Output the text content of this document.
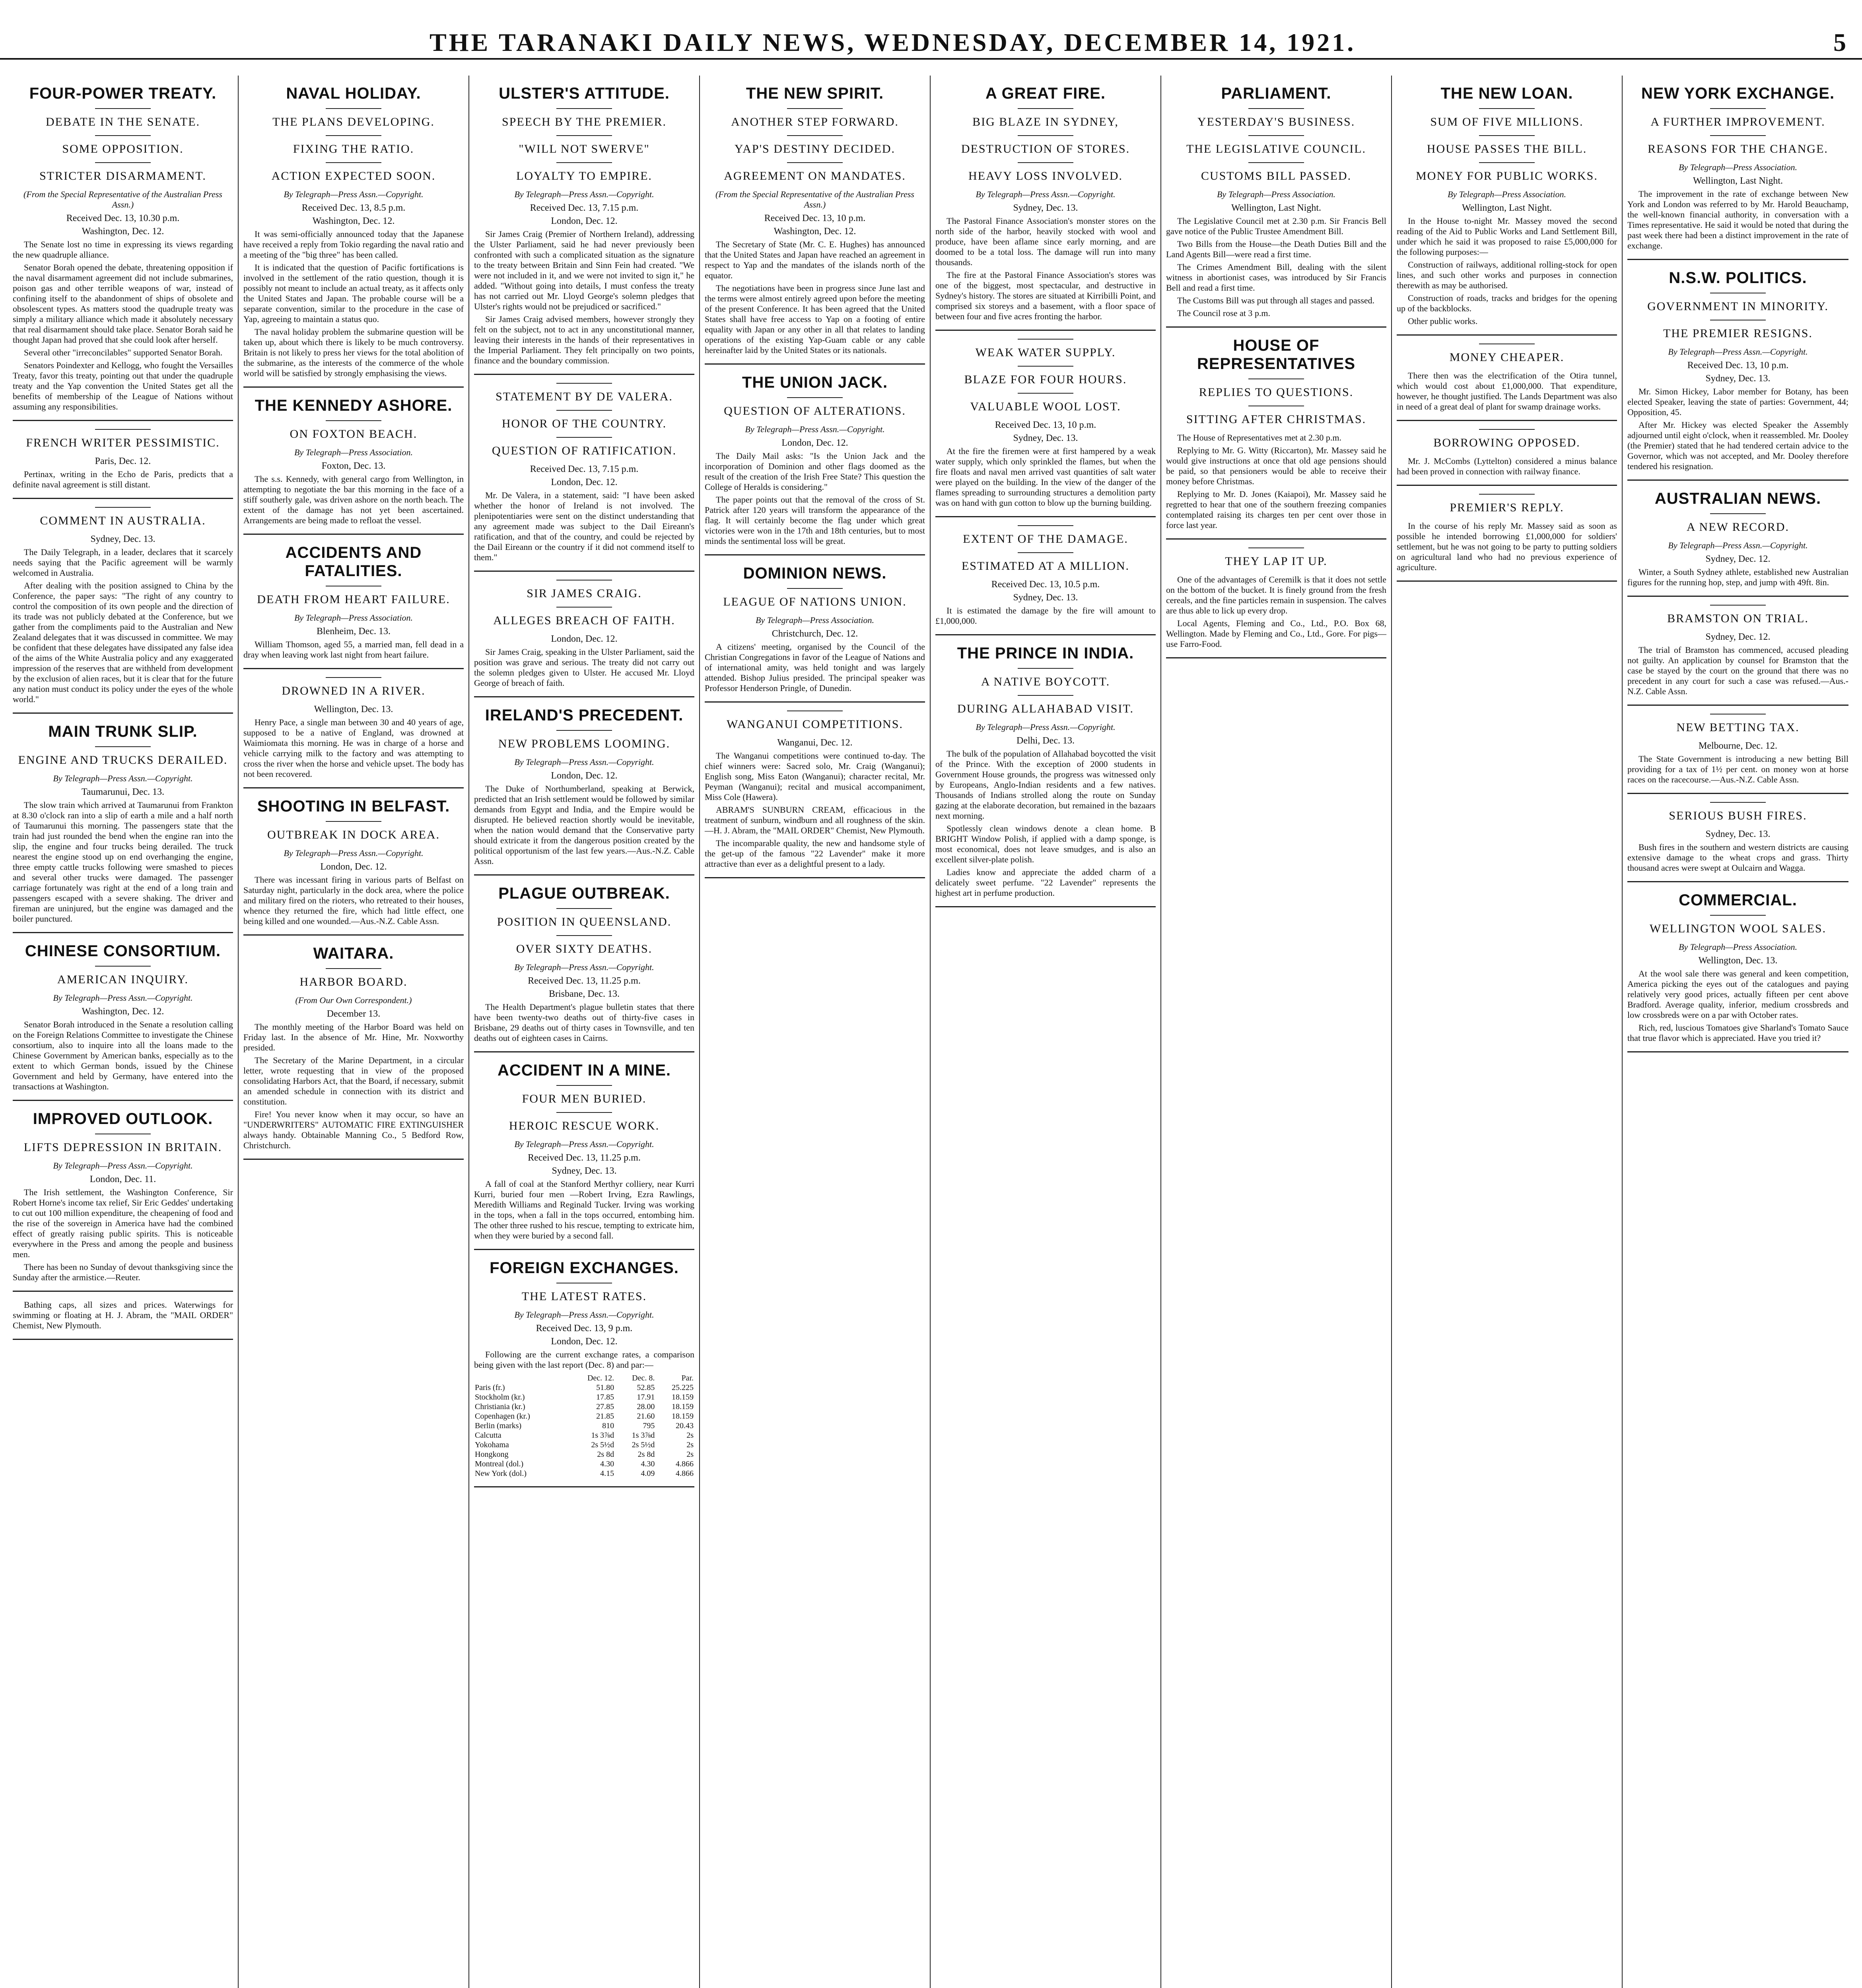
THE TARANAKI DAILY NEWS, WEDNESDAY, DECEMBER 14, 1921.	5
FOUR-POWER TREATY.
DEBATE IN THE SENATE.
SOME OPPOSITION.
STRICTER DISARMAMENT.
(From the Special Representative of the Australian Press Assn.)
Received Dec. 13, 10.30 p.m.
Washington, Dec. 12.

The Senate lost no time in expressing its views regarding the new quadruple alliance.

Senator Borah opened the debate, threatening opposition if the naval disarmament agreement did not include submarines, poison gas and other terrible weapons of war, instead of confining itself to the abandonment of ships of obsolete and obsolescent types. As matters stood the quadruple treaty was simply a military alliance which made it absolutely necessary that real disarmament should take place. Senator Borah said he thought Japan had proved that she could look after herself.

Several other "irreconcilables" supported Senator Borah.

Senators Poindexter and Kellogg, who fought the Versailles Treaty, favor this treaty, pointing out that under the quadruple treaty and the Yap convention the United States get all the benefits of membership of the League of Nations without assuming any responsibilities.

FRENCH WRITER PESSIMISTIC.
Paris, Dec. 12.

Pertinax, writing in the Echo de Paris, predicts that a definite naval agreement is still distant.

COMMENT IN AUSTRALIA.
Sydney, Dec. 13.

The Daily Telegraph, in a leader, declares that it scarcely needs saying that the Pacific agreement will be warmly welcomed in Australia.

After dealing with the position assigned to China by the Conference, the paper says: "The right of any country to control the composition of its own people and the direction of its trade was not publicly debated at the Conference, but we gather from the compliments paid to the Australian and New Zealand delegates that it was discussed in committee. We may be confident that these delegates have dissipated any false idea of the aims of the White Australia policy and any exaggerated impression of the reserves that are withheld from development by the exclusion of alien races, but it is clear that for the future any nation must conduct its policy under the eyes of the whole world."

MAIN TRUNK SLIP.
ENGINE AND TRUCKS DERAILED.
By Telegraph—Press Assn.—Copyright.
Taumarunui, Dec. 13.

The slow train which arrived at Taumarunui from Frankton at 8.30 o'clock ran into a slip of earth a mile and a half north of Taumarunui this morning. The passengers state that the train had just rounded the bend when the engine ran into the slip, the engine and four trucks being derailed. The truck nearest the engine stood up on end overhanging the engine, three empty cattle trucks following were smashed to pieces and several other trucks were damaged. The passenger carriage fortunately was right at the end of a long train and passengers escaped with a severe shaking. The driver and fireman are uninjured, but the engine was damaged and the boiler punctured.

CHINESE CONSORTIUM.
AMERICAN INQUIRY.
By Telegraph—Press Assn.—Copyright.
Washington, Dec. 12.

Senator Borah introduced in the Senate a resolution calling on the Foreign Relations Committee to investigate the Chinese consortium, also to inquire into all the loans made to the Chinese Government by American banks, especially as to the extent to which German bonds, issued by the Chinese Government and held by Germany, have entered into the transactions at Washington.

IMPROVED OUTLOOK.
LIFTS DEPRESSION IN BRITAIN.
By Telegraph—Press Assn.—Copyright.
London, Dec. 11.

The Irish settlement, the Washington Conference, Sir Robert Horne's income tax relief, Sir Eric Geddes' undertaking to cut out 100 million expenditure, the cheapening of food and the rise of the sovereign in America have had the combined effect of greatly raising public spirits. This is noticeable everywhere in the Press and among the people and business men.

There has been no Sunday of devout thanksgiving since the Sunday after the armistice.—Reuter.

Bathing caps, all sizes and prices. Waterwings for swimming or floating at H. J. Abram, the "MAIL ORDER" Chemist, New Plymouth.

NAVAL HOLIDAY.
THE PLANS DEVELOPING.
FIXING THE RATIO.
ACTION EXPECTED SOON.
By Telegraph—Press Assn.—Copyright.
Received Dec. 13, 8.5 p.m.
Washington, Dec. 12.

It was semi-officially announced today that the Japanese have received a reply from Tokio regarding the naval ratio and a meeting of the "big three" has been called.

It is indicated that the question of Pacific fortifications is involved in the settlement of the ratio question, though it is possibly not meant to include an actual treaty, as it affects only the United States and Japan. The probable course will be a separate convention, similar to the procedure in the case of Yap, agreeing to maintain a status quo.

The naval holiday problem the submarine question will be taken up, about which there is likely to be much controversy. Britain is not likely to press her views for the total abolition of the submarine, as the interests of the commerce of the whole world will be satisfied by strongly emphasising the views.

THE KENNEDY ASHORE.
ON FOXTON BEACH.
By Telegraph—Press Association.
Foxton, Dec. 13.

The s.s. Kennedy, with general cargo from Wellington, in attempting to negotiate the bar this morning in the face of a stiff southerly gale, was driven ashore on the north beach. The extent of the damage has not yet been ascertained. Arrangements are being made to refloat the vessel.

ACCIDENTS AND FATALITIES.
DEATH FROM HEART FAILURE.
By Telegraph—Press Association.
Blenheim, Dec. 13.

William Thomson, aged 55, a married man, fell dead in a dray when leaving work last night from heart failure.

DROWNED IN A RIVER.
Wellington, Dec. 13.

Henry Pace, a single man between 30 and 40 years of age, supposed to be a native of England, was drowned at Waimiomata this morning. He was in charge of a horse and vehicle carrying milk to the factory and was attempting to cross the river when the horse and vehicle upset. The body has not been recovered.

SHOOTING IN BELFAST.
OUTBREAK IN DOCK AREA.
By Telegraph—Press Assn.—Copyright.
London, Dec. 12.

There was incessant firing in various parts of Belfast on Saturday night, particularly in the dock area, where the police and military fired on the rioters, who retreated to their houses, whence they returned the fire, which had little effect, one being killed and one wounded.—Aus.-N.Z. Cable Assn.

WAITARA.
HARBOR BOARD.
(From Our Own Correspondent.)
December 13.

The monthly meeting of the Harbor Board was held on Friday last. In the absence of Mr. Hine, Mr. Noxworthy presided.

The Secretary of the Marine Department, in a circular letter, wrote requesting that in view of the proposed consolidating Harbors Act, that the Board, if necessary, submit an amended schedule in connection with its district and constitution.

Fire! You never know when it may occur, so have an "UNDERWRITERS" AUTOMATIC FIRE EXTINGUISHER always handy. Obtainable Manning Co., 5 Bedford Row, Christchurch.

ULSTER'S ATTITUDE.
SPEECH BY THE PREMIER.
"WILL NOT SWERVE"
LOYALTY TO EMPIRE.
By Telegraph—Press Assn.—Copyright.
Received Dec. 13, 7.15 p.m.
London, Dec. 12.

Sir James Craig (Premier of Northern Ireland), addressing the Ulster Parliament, said he had never previously been confronted with such a complicated situation as the signature to the treaty between Britain and Sinn Fein had created. "We were not included in it, and we were not invited to sign it," he added. "Without going into details, I must confess the treaty has not carried out Mr. Lloyd George's solemn pledges that Ulster's rights would not be prejudiced or sacrificed."

Sir James Craig advised members, however strongly they felt on the subject, not to act in any unconstitutional manner, leaving their interests in the hands of their representatives in the Imperial Parliament. They felt principally on two points, finance and the boundary commission.

STATEMENT BY DE VALERA.
HONOR OF THE COUNTRY.
QUESTION OF RATIFICATION.
Received Dec. 13, 7.15 p.m.
London, Dec. 12.

Mr. De Valera, in a statement, said: "I have been asked whether the honor of Ireland is not involved. The plenipotentiaries were sent on the distinct understanding that any agreement made was subject to the Dail Eireann's ratification, and that of the country, and could be rejected by the Dail Eireann or the country if it did not commend itself to them."

SIR JAMES CRAIG.
ALLEGES BREACH OF FAITH.
London, Dec. 12.

Sir James Craig, speaking in the Ulster Parliament, said the position was grave and serious. The treaty did not carry out the solemn pledges given to Ulster. He accused Mr. Lloyd George of breach of faith.

IRELAND'S PRECEDENT.
NEW PROBLEMS LOOMING.
By Telegraph—Press Assn.—Copyright.
London, Dec. 12.

The Duke of Northumberland, speaking at Berwick, predicted that an Irish settlement would be followed by similar demands from Egypt and India, and the Empire would be disrupted. He believed reaction shortly would be inevitable, when the nation would demand that the Conservative party should extricate it from the dangerous position created by the political opportunism of the last few years.—Aus.-N.Z. Cable Assn.

PLAGUE OUTBREAK.
POSITION IN QUEENSLAND.
OVER SIXTY DEATHS.
By Telegraph—Press Assn.—Copyright.
Received Dec. 13, 11.25 p.m.
Brisbane, Dec. 13.

The Health Department's plague bulletin states that there have been twenty-two deaths out of thirty-five cases in Brisbane, 29 deaths out of thirty cases in Townsville, and ten deaths out of eighteen cases in Cairns.

ACCIDENT IN A MINE.
FOUR MEN BURIED.
HEROIC RESCUE WORK.
By Telegraph—Press Assn.—Copyright.
Received Dec. 13, 11.25 p.m.
Sydney, Dec. 13.

A fall of coal at the Stanford Merthyr colliery, near Kurri Kurri, buried four men —Robert Irving, Ezra Rawlings, Meredith Williams and Reginald Tucker. Irving was working in the tops, when a fall in the tops occurred, entombing him. The other three rushed to his rescue, tempting to extricate him, when they were buried by a second fall.

FOREIGN EXCHANGES.
THE LATEST RATES.
By Telegraph—Press Assn.—Copyright.
Received Dec. 13, 9 p.m.
London, Dec. 12.

Following are the current exchange rates, a comparison being given with the last report (Dec. 8) and par:—

	Dec. 12.	Dec. 8.	Par.
Paris (fr.)	51.80	52.85	25.225
Stockholm (kr.)	17.85	17.91	18.159
Christiania (kr.)	27.85	28.00	18.159
Copenhagen (kr.)	21.85	21.60	18.159
Berlin (marks)	810	795	20.43
Calcutta	1s 3⅞d	1s 3⅞d	2s
Yokohama	2s 5½d	2s 5½d	2s
Hongkong	2s 8d	2s 8d	2s
Montreal (dol.)	4.30	4.30	4.866
New York (dol.)	4.15	4.09	4.866
THE NEW SPIRIT.
ANOTHER STEP FORWARD.
YAP'S DESTINY DECIDED.
AGREEMENT ON MANDATES.
(From the Special Representative of the Australian Press Assn.)
Received Dec. 13, 10 p.m.
Washington, Dec. 12.

The Secretary of State (Mr. C. E. Hughes) has announced that the United States and Japan have reached an agreement in respect to Yap and the mandates of the islands north of the equator.

The negotiations have been in progress since June last and the terms were almost entirely agreed upon before the meeting of the present Conference. It has been agreed that the United States shall have free access to Yap on a footing of entire equality with Japan or any other in all that relates to landing operations of the existing Yap-Guam cable or any cable hereinafter laid by the United States or its nationals.

THE UNION JACK.
QUESTION OF ALTERATIONS.
By Telegraph—Press Assn.—Copyright.
London, Dec. 12.

The Daily Mail asks: "Is the Union Jack and the incorporation of Dominion and other flags doomed as the result of the creation of the Irish Free State? This question the College of Heralds is considering."

The paper points out that the removal of the cross of St. Patrick after 120 years will transform the appearance of the flag. It will certainly become the flag under which great victories were won in the 17th and 18th centuries, but to most minds the sentimental loss will be great.

DOMINION NEWS.
LEAGUE OF NATIONS UNION.
By Telegraph—Press Association.
Christchurch, Dec. 12.

A citizens' meeting, organised by the Council of the Christian Congregations in favor of the League of Nations and of international amity, was held tonight and was largely attended. Bishop Julius presided. The principal speaker was Professor Henderson Pringle, of Dunedin.

WANGANUI COMPETITIONS.
Wanganui, Dec. 12.

The Wanganui competitions were continued to-day. The chief winners were: Sacred solo, Mr. Craig (Wanganui); English song, Miss Eaton (Wanganui); character recital, Mr. Peyman (Wanganui); recital and musical accompaniment, Miss Cole (Hawera).

ABRAM'S SUNBURN CREAM, efficacious in the treatment of sunburn, windburn and all roughness of the skin.—H. J. Abram, the "MAIL ORDER" Chemist, New Plymouth.

The incomparable quality, the new and handsome style of the get-up of the famous "22 Lavender" make it more attractive than ever as a delightful present to a lady.

A GREAT FIRE.
BIG BLAZE IN SYDNEY,
DESTRUCTION OF STORES.
HEAVY LOSS INVOLVED.
By Telegraph—Press Assn.—Copyright.
Sydney, Dec. 13.

The Pastoral Finance Association's monster stores on the north side of the harbor, heavily stocked with wool and produce, have been aflame since early morning, and are doomed to be a total loss. The damage will run into many thousands.

The fire at the Pastoral Finance Association's stores was one of the biggest, most spectacular, and destructive in Sydney's history. The stores are situated at Kirribilli Point, and comprised six storeys and a basement, with a floor space of between four and five acres fronting the harbor.

WEAK WATER SUPPLY.
BLAZE FOR FOUR HOURS.
VALUABLE WOOL LOST.
Received Dec. 13, 10 p.m.
Sydney, Dec. 13.

At the fire the firemen were at first hampered by a weak water supply, which only sprinkled the flames, but when the fire floats and naval men arrived vast quantities of salt water were played on the building. In the view of the danger of the flames spreading to surrounding structures a demolition party was on hand with gun cotton to blow up the burning building.

EXTENT OF THE DAMAGE.
ESTIMATED AT A MILLION.
Received Dec. 13, 10.5 p.m.
Sydney, Dec. 13.

It is estimated the damage by the fire will amount to £1,000,000.

THE PRINCE IN INDIA.
A NATIVE BOYCOTT.
DURING ALLAHABAD VISIT.
By Telegraph—Press Assn.—Copyright.
Delhi, Dec. 13.

The bulk of the population of Allahabad boycotted the visit of the Prince. With the exception of 2000 students in Government House grounds, the progress was witnessed only by Europeans, Anglo-Indian residents and a few natives. Thousands of Indians strolled along the route on Sunday gazing at the elaborate decoration, but remained in the bazaars next morning.

Spotlessly clean windows denote a clean home. B BRIGHT Window Polish, if applied with a damp sponge, is most economical, does not leave smudges, and is also an excellent silver-plate polish.

Ladies know and appreciate the added charm of a delicately sweet perfume. "22 Lavender" represents the highest art in perfume production.

PARLIAMENT.
YESTERDAY'S BUSINESS.
THE LEGISLATIVE COUNCIL.
CUSTOMS BILL PASSED.
By Telegraph—Press Association.
Wellington, Last Night.

The Legislative Council met at 2.30 p.m. Sir Francis Bell gave notice of the Public Trustee Amendment Bill.

Two Bills from the House—the Death Duties Bill and the Land Agents Bill—were read a first time.

The Crimes Amendment Bill, dealing with the silent witness in abortionist cases, was introduced by Sir Francis Bell and read a first time.

The Customs Bill was put through all stages and passed.

The Council rose at 3 p.m.

HOUSE OF REPRESENTATIVES
REPLIES TO QUESTIONS.
SITTING AFTER CHRISTMAS.

The House of Representatives met at 2.30 p.m.

Replying to Mr. G. Witty (Riccarton), Mr. Massey said he would give instructions at once that old age pensions should be paid, so that pensioners would be able to receive their money before Christmas.

Replying to Mr. D. Jones (Kaiapoi), Mr. Massey said he regretted to hear that one of the southern freezing companies contemplated raising its charges ten per cent over those in force last year.

THEY LAP IT UP.

One of the advantages of Ceremilk is that it does not settle on the bottom of the bucket. It is finely ground from the fresh cereals, and the fine particles remain in suspension. The calves are thus able to lick up every drop.

Local Agents, Fleming and Co., Ltd., P.O. Box 68, Wellington. Made by Fleming and Co., Ltd., Gore. For pigs—use Farro-Food.

THE NEW LOAN.
SUM OF FIVE MILLIONS.
HOUSE PASSES THE BILL.
MONEY FOR PUBLIC WORKS.
By Telegraph—Press Association.
Wellington, Last Night.

In the House to-night Mr. Massey moved the second reading of the Aid to Public Works and Land Settlement Bill, under which he said it was proposed to raise £5,000,000 for the following purposes:—

Construction of railways, additional rolling-stock for open lines, and such other works and purposes in connection therewith as may be authorised.

Construction of roads, tracks and bridges for the opening up of the backblocks.

Other public works.

MONEY CHEAPER.

There then was the electrification of the Otira tunnel, which would cost about £1,000,000. That expenditure, however, he thought justified. The Lands Department was also in need of a great deal of plant for swamp drainage works.

BORROWING OPPOSED.

Mr. J. McCombs (Lyttelton) considered a minus balance had been proved in connection with railway finance.

PREMIER'S REPLY.

In the course of his reply Mr. Massey said as soon as possible he intended borrowing £1,000,000 for soldiers' settlement, but he was not going to be party to putting soldiers on agricultural land who had no previous experience of agriculture.

NEW YORK EXCHANGE.
A FURTHER IMPROVEMENT.
REASONS FOR THE CHANGE.
By Telegraph—Press Association.
Wellington, Last Night.

The improvement in the rate of exchange between New York and London was referred to by Mr. Harold Beauchamp, the well-known financial authority, in conversation with a Times representative. He said it would be noted that during the past week there had been a distinct improvement in the rate of exchange.

N.S.W. POLITICS.
GOVERNMENT IN MINORITY.
THE PREMIER RESIGNS.
By Telegraph—Press Assn.—Copyright.
Received Dec. 13, 10 p.m.
Sydney, Dec. 13.

Mr. Simon Hickey, Labor member for Botany, has been elected Speaker, leaving the state of parties: Government, 44; Opposition, 45.

After Mr. Hickey was elected Speaker the Assembly adjourned until eight o'clock, when it reassembled. Mr. Dooley (the Premier) stated that he had tendered certain advice to the Governor, which was not accepted, and Mr. Dooley therefore tendered his resignation.

AUSTRALIAN NEWS.
A NEW RECORD.
By Telegraph—Press Assn.—Copyright.
Sydney, Dec. 12.

Winter, a South Sydney athlete, established new Australian figures for the running hop, step, and jump with 49ft. 8in.

BRAMSTON ON TRIAL.
Sydney, Dec. 12.

The trial of Bramston has commenced, accused pleading not guilty. An application by counsel for Bramston that the case be stayed by the court on the ground that there was no precedent in any court for such a case was refused.—Aus.-N.Z. Cable Assn.

NEW BETTING TAX.
Melbourne, Dec. 12.

The State Government is introducing a new betting Bill providing for a tax of 1½ per cent. on money won at horse races on the racecourse.—Aus.-N.Z. Cable Assn.

SERIOUS BUSH FIRES.
Sydney, Dec. 13.

Bush fires in the southern and western districts are causing extensive damage to the wheat crops and grass. Thirty thousand acres were swept at Oulcairn and Wagga.

COMMERCIAL.
WELLINGTON WOOL SALES.
By Telegraph—Press Association.
Wellington, Dec. 13.

At the wool sale there was general and keen competition, America picking the eyes out of the catalogues and paying relatively very good prices, actually fifteen per cent above Bradford. Average quality, inferior, medium crossbreds and low crossbreds were on a par with October rates.

Rich, red, luscious Tomatoes give Sharland's Tomato Sauce that true flavor which is appreciated. Have you tried it?
